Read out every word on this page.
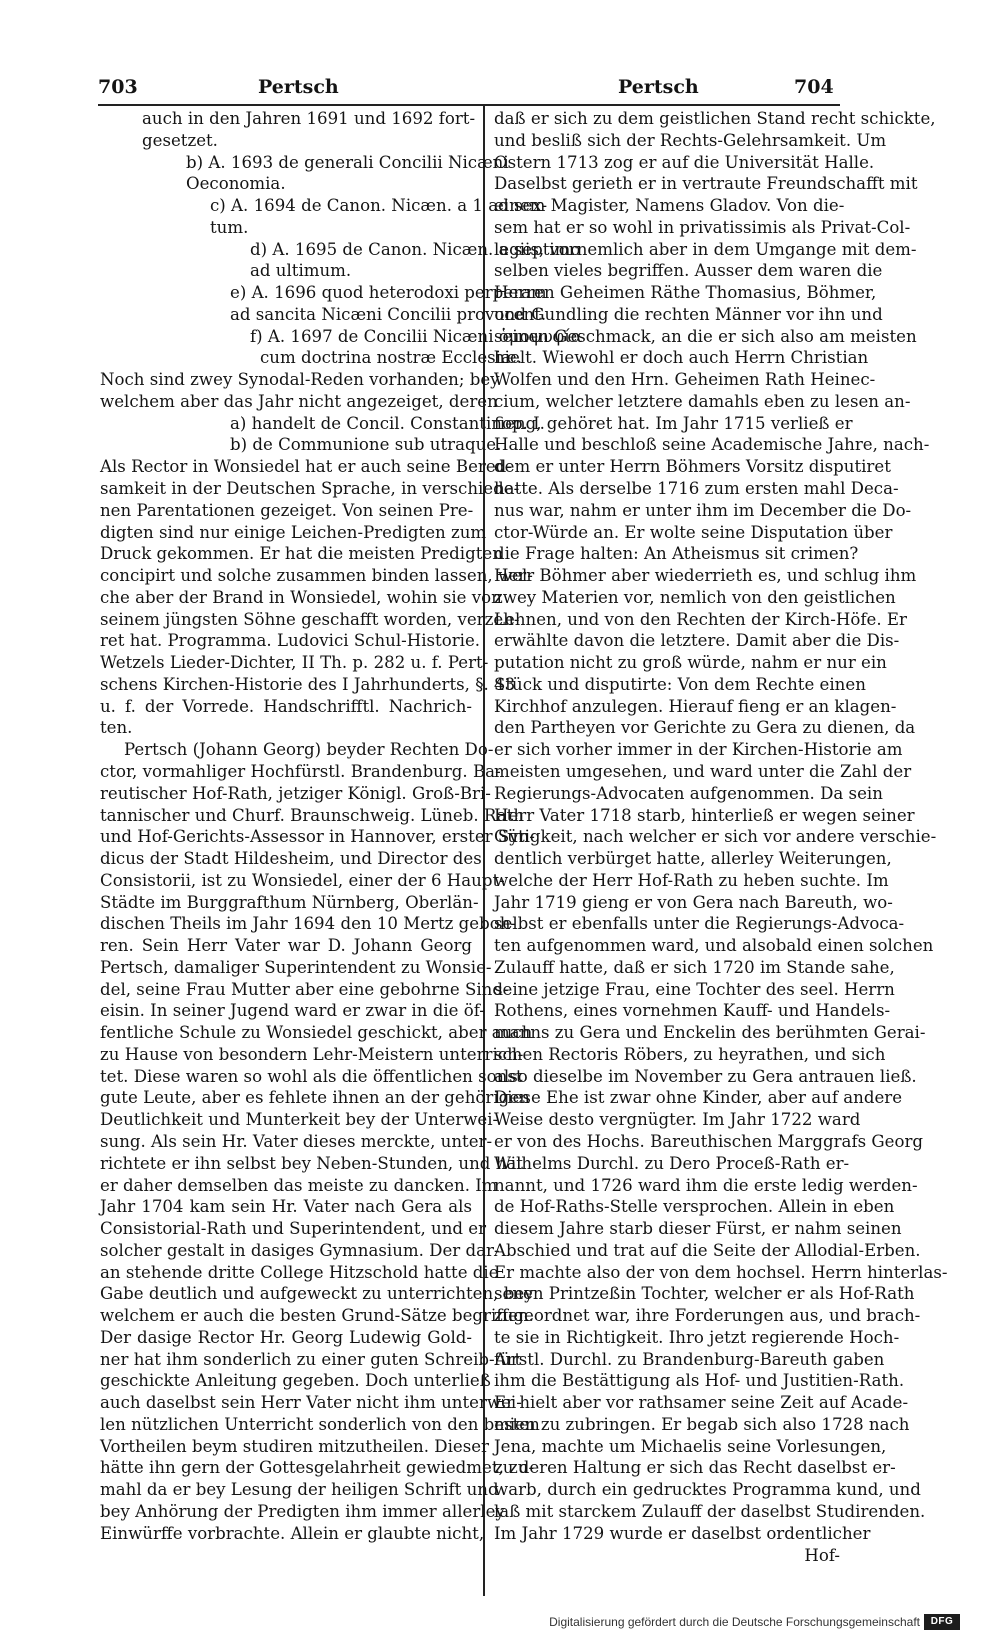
703	Pertsch	Pertsch	704
auch in den Jahren 1691 und 1692 fort-
gesetzet.
b) A. 1693 de generali Concilii Nicæni
Oeconomia.
c) A. 1694 de Canon. Nicæn. a 1 ad sex-
tum.
d) A. 1695 de Canon. Nicæn. a septimo
ad ultimum.
e) A. 1696 quod heterodoxi perperam
ad sancita Nicæni Concilii provocent.
f) A. 1697 de Concilii Nicæni ὁμοψυφία
cum doctrina nostræ Ecclesiæ.
Noch sind zwey Synodal-Reden vorhanden; bey
welchem aber das Jahr nicht angezeiget, deren
a) handelt de Concil. Constantinop. I.
b) de Communione sub utraque.
Als Rector in Wonsiedel hat er auch seine Bered-
samkeit in der Deutschen Sprache, in verschiede-
nen Parentationen gezeiget. Von seinen Pre-
digten sind nur einige Leichen-Predigten zum
Druck gekommen. Er hat die meisten Predigten
concipirt und solche zusammen binden lassen, wel-
che aber der Brand in Wonsiedel, wohin sie von
seinem jüngsten Söhne geschafft worden, verzeh-
ret hat. Programma. Ludovici Schul-Historie.
Wetzels Lieder-Dichter, II Th. p. 282 u. f. Pert-
schens Kirchen-Historie des I Jahrhunderts, §. 43
u. f. der Vorrede. Handschrifftl. Nachrich-
ten.
Pertsch (Johann Georg) beyder Rechten Do-
ctor, vormahliger Hochfürstl. Brandenburg. Ba-
reutischer Hof-Rath, jetziger Königl. Groß-Bri-
tannischer und Churf. Braunschweig. Lüneb. Rath
und Hof-Gerichts-Assessor in Hannover, erster Syn-
dicus der Stadt Hildesheim, und Director des
Consistorii, ist zu Wonsiedel, einer der 6 Haupt-
Städte im Burggrafthum Nürnberg, Oberlän-
dischen Theils im Jahr 1694 den 10 Mertz geboh-
ren. Sein Herr Vater war D. Johann Georg
Pertsch, damaliger Superintendent zu Wonsie-
del, seine Frau Mutter aber eine gebohrne Sind-
eisin. In seiner Jugend ward er zwar in die öf-
fentliche Schule zu Wonsiedel geschickt, aber auch
zu Hause von besondern Lehr-Meistern unterrich-
tet. Diese waren so wohl als die öffentlichen sonst
gute Leute, aber es fehlete ihnen an der gehörigen
Deutlichkeit und Munterkeit bey der Unterwei-
sung. Als sein Hr. Vater dieses merckte, unter-
richtete er ihn selbst bey Neben-Stunden, und hat
er daher demselben das meiste zu dancken. Im
Jahr 1704 kam sein Hr. Vater nach Gera als
Consistorial-Rath und Superintendent, und er
solcher gestalt in dasiges Gymnasium. Der dar-
an stehende dritte College Hitzschold hatte die
Gabe deutlich und aufgeweckt zu unterrichten, bey
welchem er auch die besten Grund-Sätze begriffen.
Der dasige Rector Hr. Georg Ludewig Gold-
ner hat ihm sonderlich zu einer guten Schreib-Art
geschickte Anleitung gegeben. Doch unterließ
auch daselbst sein Herr Vater nicht ihm unterwei-
len nützlichen Unterricht sonderlich von den besten
Vortheilen beym studiren mitzutheilen. Dieser
hätte ihn gern der Gottesgelahrheit gewiedmet, zu-
mahl da er bey Lesung der heiligen Schrift und
bey Anhörung der Predigten ihm immer allerley
Einwürffe vorbrachte. Allein er glaubte nicht,
daß er sich zu dem geistlichen Stand recht schickte,
und besliß sich der Rechts-Gelehrsamkeit. Um
Ostern 1713 zog er auf die Universität Halle.
Daselbst gerieth er in vertraute Freundschafft mit
einem Magister, Namens Gladov. Von die-
sem hat er so wohl in privatissimis als Privat-Col-
legiis, vornemlich aber in dem Umgange mit dem-
selben vieles begriffen. Ausser dem waren die
Herren Geheimen Räthe Thomasius, Böhmer,
und Gundling die rechten Männer vor ihn und
seinen Geschmack, an die er sich also am meisten
hielt. Wiewohl er doch auch Herrn Christian
Wolfen und den Hrn. Geheimen Rath Heinec-
cium, welcher letztere damahls eben zu lesen an-
fieng, gehöret hat. Im Jahr 1715 verließ er
Halle und beschloß seine Academische Jahre, nach-
dem er unter Herrn Böhmers Vorsitz disputiret
hatte. Als derselbe 1716 zum ersten mahl Deca-
nus war, nahm er unter ihm im December die Do-
ctor-Würde an. Er wolte seine Disputation über
die Frage halten: An Atheismus sit crimen?
Herr Böhmer aber wiederrieth es, und schlug ihm
zwey Materien vor, nemlich von den geistlichen
Lehnen, und von den Rechten der Kirch-Höfe. Er
erwählte davon die letztere. Damit aber die Dis-
putation nicht zu groß würde, nahm er nur ein
Stück und disputirte: Von dem Rechte einen
Kirchhof anzulegen. Hierauf fieng er an klagen-
den Partheyen vor Gerichte zu Gera zu dienen, da
er sich vorher immer in der Kirchen-Historie am
meisten umgesehen, und ward unter die Zahl der
Regierungs-Advocaten aufgenommen. Da sein
Herr Vater 1718 starb, hinterließ er wegen seiner
Gütigkeit, nach welcher er sich vor andere verschie-
dentlich verbürget hatte, allerley Weiterungen,
welche der Herr Hof-Rath zu heben suchte. Im
Jahr 1719 gieng er von Gera nach Bareuth, wo-
selbst er ebenfalls unter die Regierungs-Advoca-
ten aufgenommen ward, und alsobald einen solchen
Zulauff hatte, daß er sich 1720 im Stande sahe,
seine jetzige Frau, eine Tochter des seel. Herrn
Rothens, eines vornehmen Kauff- und Handels-
manns zu Gera und Enckelin des berühmten Gerai-
schen Rectoris Röbers, zu heyrathen, und sich
also dieselbe im November zu Gera antrauen ließ.
Diese Ehe ist zwar ohne Kinder, aber auf andere
Weise desto vergnügter. Im Jahr 1722 ward
er von des Hochs. Bareuthischen Marggrafs Georg
Wilhelms Durchl. zu Dero Proceß-Rath er-
nannt, und 1726 ward ihm die erste ledig werden-
de Hof-Raths-Stelle versprochen. Allein in eben
diesem Jahre starb dieser Fürst, er nahm seinen
Abschied und trat auf die Seite der Allodial-Erben.
Er machte also der von dem hochsel. Herrn hinterlas-
senen Printzeßin Tochter, welcher er als Hof-Rath
zugeordnet war, ihre Forderungen aus, und brach-
te sie in Richtigkeit. Ihro jetzt regierende Hoch-
fürstl. Durchl. zu Brandenburg-Bareuth gaben
ihm die Bestättigung als Hof- und Justitien-Rath.
Er hielt aber vor rathsamer seine Zeit auf Acade-
mien zu zubringen. Er begab sich also 1728 nach
Jena, machte um Michaelis seine Vorlesungen,
zu deren Haltung er sich das Recht daselbst er-
warb, durch ein gedrucktes Programma kund, und
laß mit starckem Zulauff der daselbst Studirenden.
Im Jahr 1729 wurde er daselbst ordentlicher
Hof-
Digitalisierung gefördert durch die Deutsche Forschungsgemeinschaft	DFG
